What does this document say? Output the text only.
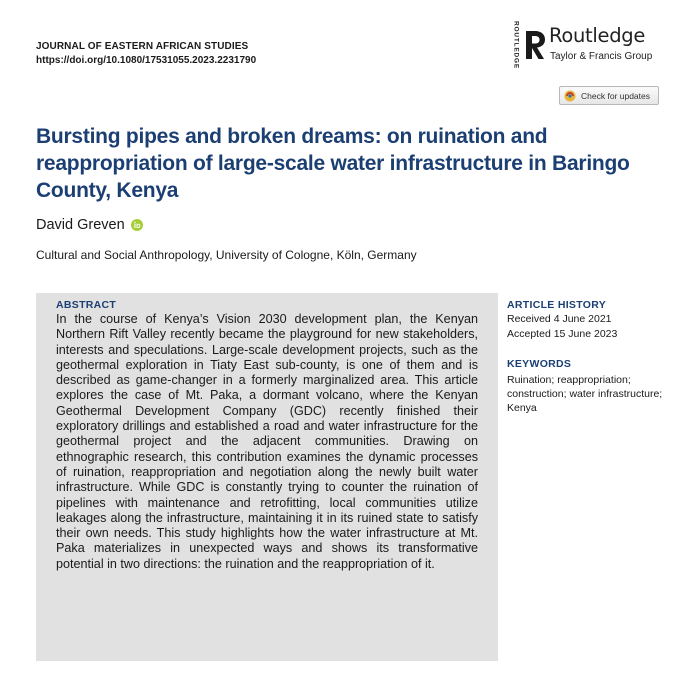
JOURNAL OF EASTERN AFRICAN STUDIES
https://doi.org/10.1080/17531055.2023.2231790	ROUTLEDGE Routledge
Taylor & Francis Group
Check for updates
Bursting pipes and broken dreams: on ruination and reappropriation of large-scale water infrastructure in Baringo County, Kenya
David Greven
Cultural and Social Anthropology, University of Cologne, Köln, Germany
ABSTRACT
In the course of Kenya’s Vision 2030 development plan, the Kenyan Northern Rift Valley recently became the playground for new stakeholders, interests and speculations. Large-scale development projects, such as the geothermal exploration in Tiaty East sub-county, is one of them and is described as game-changer in a formerly marginalized area. This article explores the case of Mt. Paka, a dormant volcano, where the Kenyan Geothermal Development Company (GDC) recently finished their exploratory drillings and established a road and water infrastructure for the geothermal project and the adjacent communities. Drawing on ethnographic research, this contribution examines the dynamic processes of ruination, reappropriation and negotiation along the newly built water infrastructure. While GDC is constantly trying to counter the ruination of pipelines with maintenance and retrofitting, local communities utilize leakages along the infrastructure, maintaining it in its ruined state to satisfy their own needs. This study highlights how the water infrastructure at Mt. Paka materializes in unexpected ways and shows its transformative potential in two directions: the ruination and the reappropriation of it.
ARTICLE HISTORY
Received 4 June 2021
Accepted 15 June 2023
KEYWORDS
Ruination; reappropriation; construction; water infrastructure; Kenya
